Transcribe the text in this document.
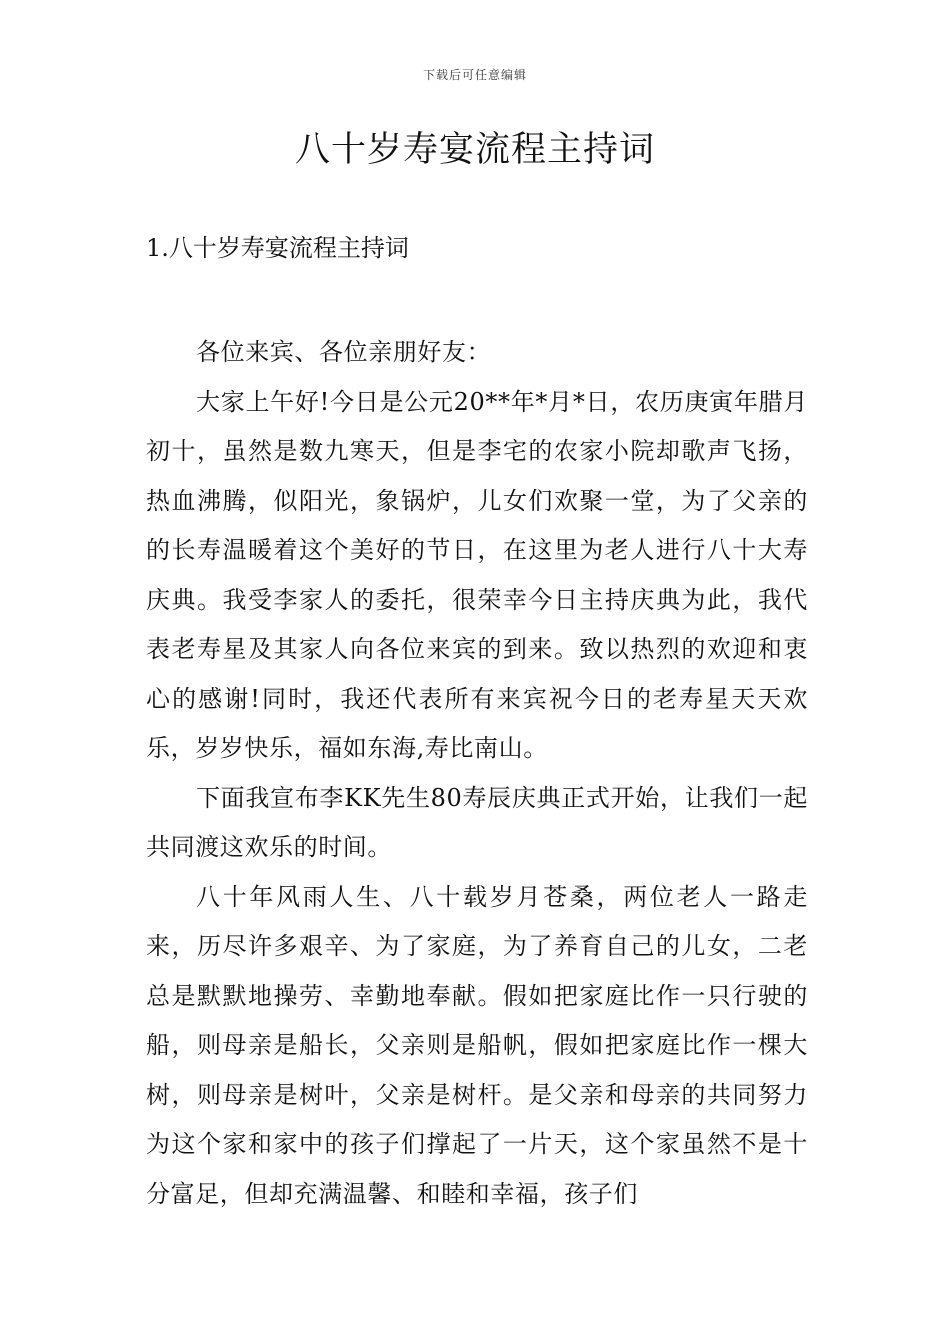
下载后可任意编辑
八十岁寿宴流程主持词
1.八十岁寿宴流程主持词

各位来宾、各位亲朋好友：

大家上午好!今日是公元20**年*月*日，农历庚寅年腊月初十，虽然是数九寒天，但是李宅的农家小院却歌声飞扬，热血沸腾，似阳光，象锅炉，儿女们欢聚一堂，为了父亲的的长寿温暖着这个美好的节日，在这里为老人进行八十大寿庆典。我受李家人的委托，很荣幸今日主持庆典为此，我代表老寿星及其家人向各位来宾的到来。致以热烈的欢迎和衷心的感谢!同时，我还代表所有来宾祝今日的老寿星天天欢乐，岁岁快乐，福如东海,寿比南山。

下面我宣布李KK先生80寿辰庆典正式开始，让我们一起共同渡这欢乐的时间。

八十年风雨人生、八十载岁月苍桑，两位老人一路走来，历尽许多艰辛、为了家庭，为了养育自己的儿女，二老总是默默地操劳、幸勤地奉献。假如把家庭比作一只行驶的船，则母亲是船长，父亲则是船帆，假如把家庭比作一棵大树，则母亲是树叶，父亲是树杆。是父亲和母亲的共同努力为这个家和家中的孩子们撑起了一片天，这个家虽然不是十分富足，但却充满温馨、和睦和幸福，孩子们
